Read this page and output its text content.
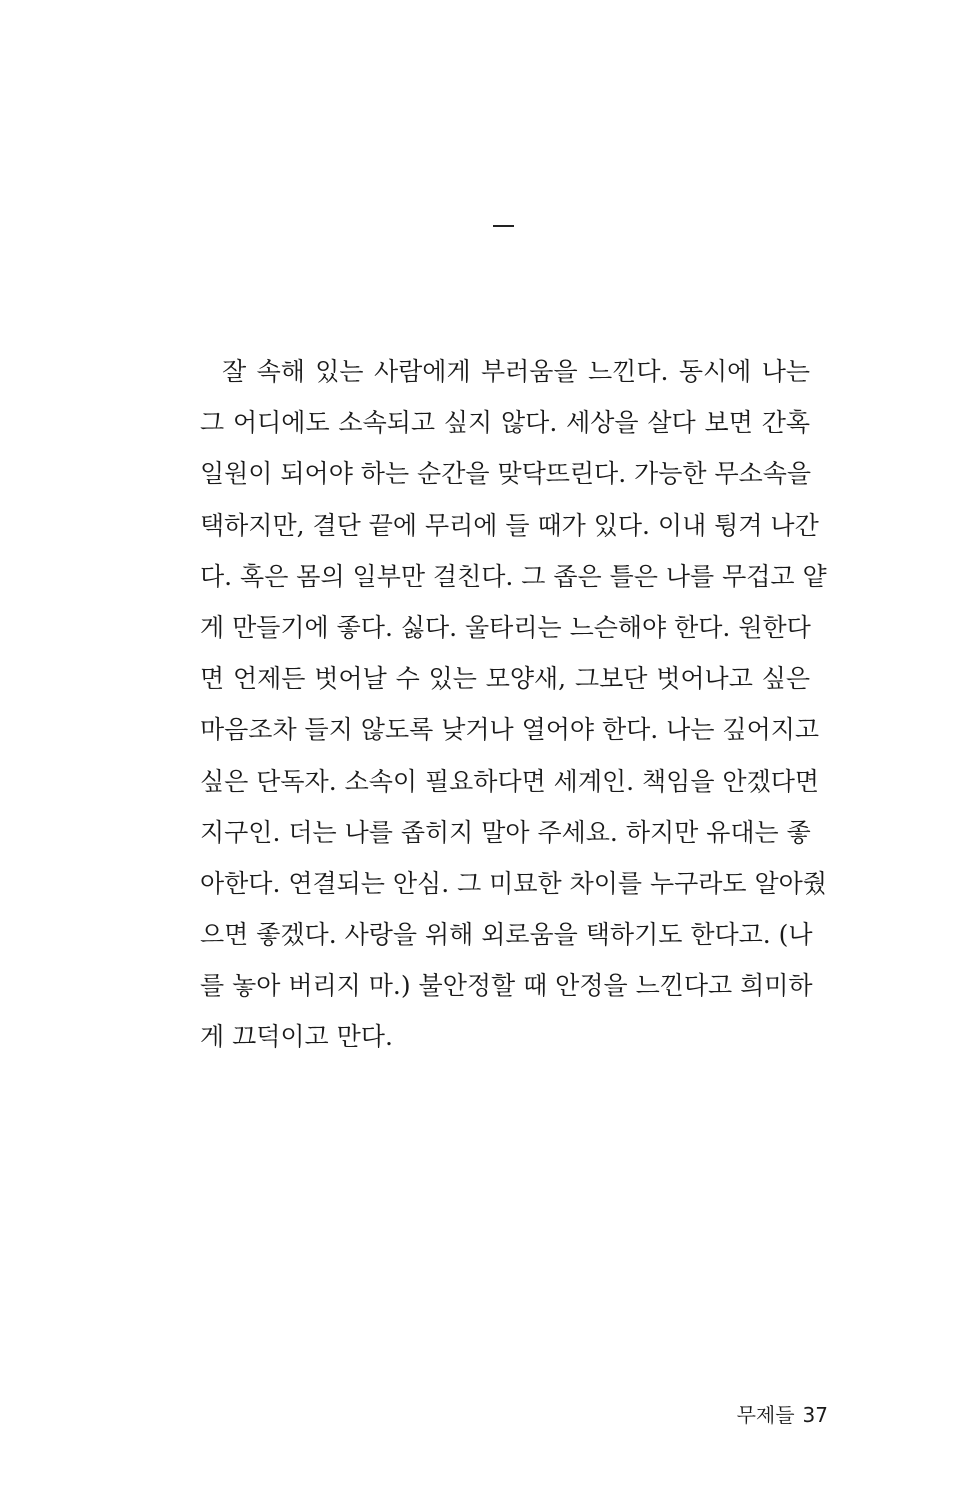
잘 속해 있는 사람에게 부러움을 느낀다. 동시에 나는
그 어디에도 소속되고 싶지 않다. 세상을 살다 보면 간혹
일원이 되어야 하는 순간을 맞닥뜨린다. 가능한 무소속을
택하지만, 결단 끝에 무리에 들 때가 있다. 이내 튕겨 나간
다. 혹은 몸의 일부만 걸친다. 그 좁은 틀은 나를 무겁고 얕
게 만들기에 좋다. 싫다. 울타리는 느슨해야 한다. 원한다
면 언제든 벗어날 수 있는 모양새, 그보단 벗어나고 싶은
마음조차 들지 않도록 낮거나 열어야 한다. 나는 깊어지고
싶은 단독자. 소속이 필요하다면 세계인. 책임을 안겠다면
지구인. 더는 나를 좁히지 말아 주세요. 하지만 유대는 좋
아한다. 연결되는 안심. 그 미묘한 차이를 누구라도 알아줬
으면 좋겠다. 사랑을 위해 외로움을 택하기도 한다고. (나
를 놓아 버리지 마.) 불안정할 때 안정을 느낀다고 희미하
게 끄덕이고 만다.
무제들 37
